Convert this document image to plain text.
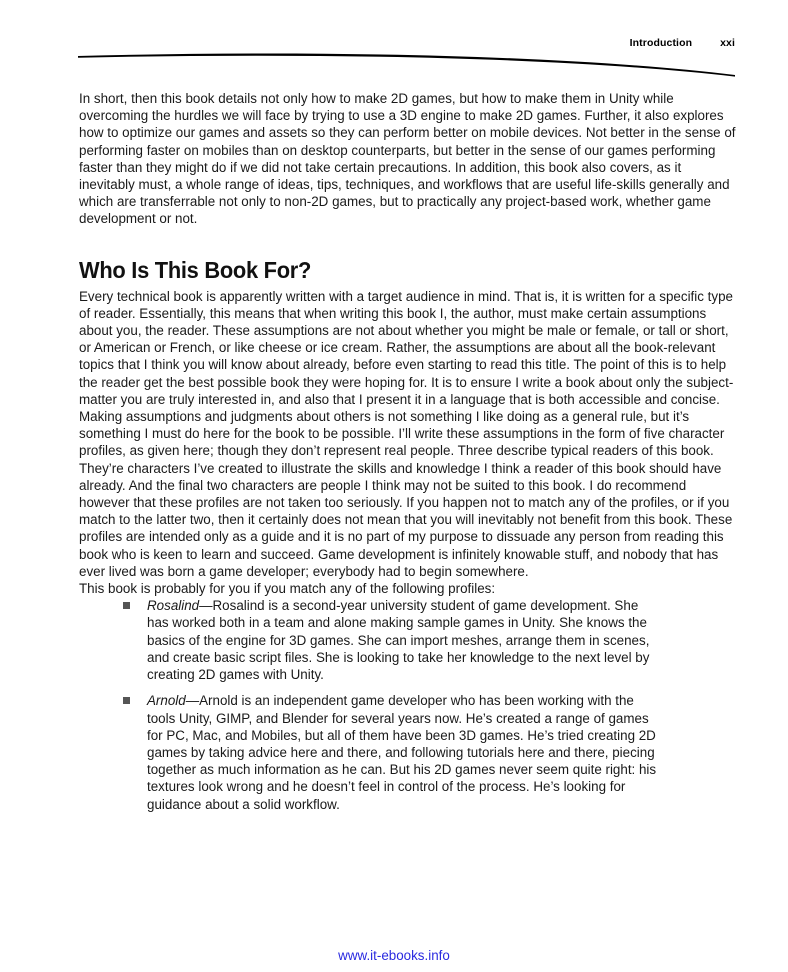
Introduction	xxi

In short, then this book details not only how to make 2D games, but how to make them in Unity while overcoming the hurdles we will face by trying to use a 3D engine to make 2D games. Further, it also explores how to optimize our games and assets so they can perform better on mobile devices. Not better in the sense of performing faster on mobiles than on desktop counterparts, but better in the sense of our games performing faster than they might do if we did not take certain precautions. In addition, this book also covers, as it inevitably must, a whole range of ideas, tips, techniques, and workflows that are useful life-skills generally and which are transferrable not only to non-2D games, but to practically any project-based work, whether game development or not.

Who Is This Book For?

Every technical book is apparently written with a target audience in mind. That is, it is written for a specific type of reader. Essentially, this means that when writing this book I, the author, must make certain assumptions about you, the reader. These assumptions are not about whether you might be male or female, or tall or short, or American or French, or like cheese or ice cream. Rather, the assumptions are about all the book-relevant topics that I think you will know about already, before even starting to read this title. The point of this is to help the reader get the best possible book they were hoping for. It is to ensure I write a book about only the subject-matter you are truly interested in, and also that I present it in a language that is both accessible and concise. Making assumptions and judgments about others is not something I like doing as a general rule, but it’s something I must do here for the book to be possible. I’ll write these assumptions in the form of five character profiles, as given here; though they don’t represent real people. Three describe typical readers of this book. They’re characters I’ve created to illustrate the skills and knowledge I think a reader of this book should have already. And the final two characters are people I think may not be suited to this book. I do recommend however that these profiles are not taken too seriously. If you happen not to match any of the profiles, or if you match to the latter two, then it certainly does not mean that you will inevitably not benefit from this book. These profiles are intended only as a guide and it is no part of my purpose to dissuade any person from reading this book who is keen to learn and succeed. Game development is infinitely knowable stuff, and nobody that has ever lived was born a game developer; everybody had to begin somewhere.

This book is probably for you if you match any of the following profiles:

Rosalind—Rosalind is a second-year university student of game development. She has worked both in a team and alone making sample games in Unity. She knows the basics of the engine for 3D games. She can import meshes, arrange them in scenes, and create basic script files. She is looking to take her knowledge to the next level by creating 2D games with Unity.
Arnold—Arnold is an independent game developer who has been working with the tools Unity, GIMP, and Blender for several years now. He’s created a range of games for PC, Mac, and Mobiles, but all of them have been 3D games. He’s tried creating 2D games by taking advice here and there, and following tutorials here and there, piecing together as much information as he can. But his 2D games never seem quite right: his textures look wrong and he doesn’t feel in control of the process. He’s looking for guidance about a solid workflow.
www.it-ebooks.info
